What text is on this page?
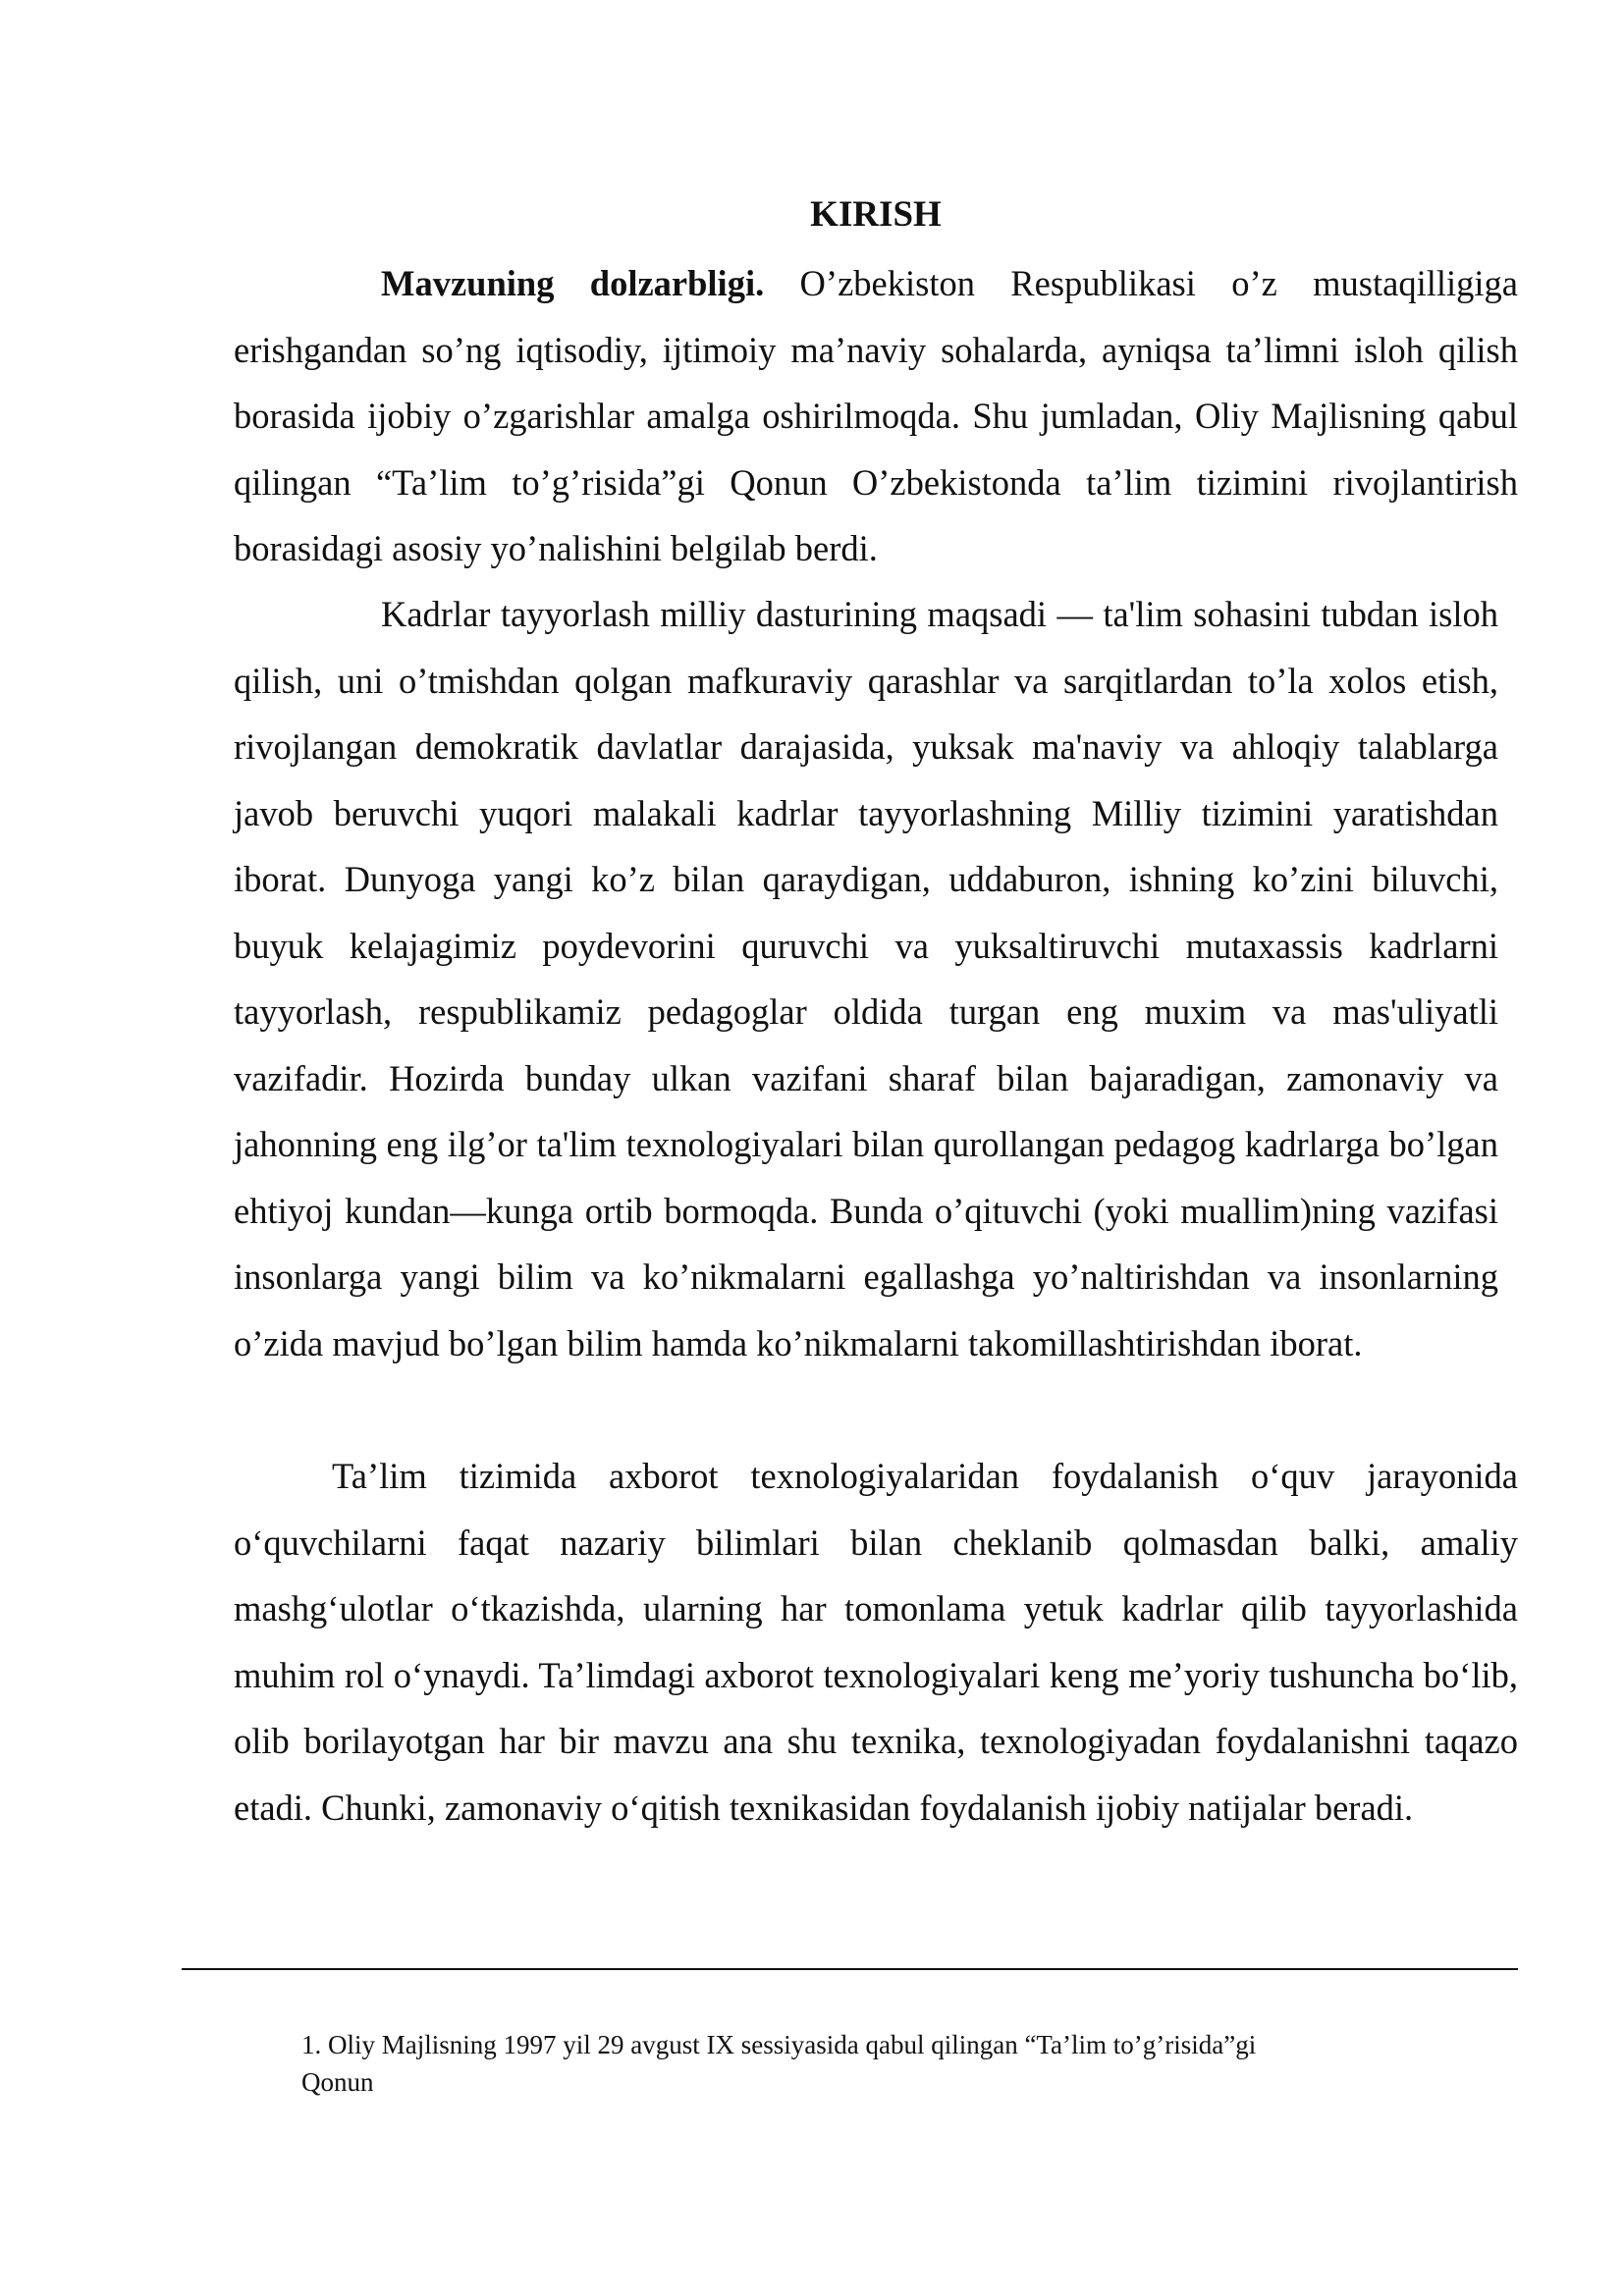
KIRISH

Mavzuning dolzarbligi. O’zbekiston Respublikasi o’z mustaqilligiga erishgandan so’ng iqtisodiy, ijtimoiy ma’naviy sohalarda, ayniqsa ta’limni isloh qilish borasida ijobiy o’zgarishlar amalga oshirilmoqda. Shu jumladan, Oliy Majlisning qabul qilingan “Ta’lim to’g’risida”gi Qonun O’zbekistonda ta’lim tizimini rivojlantirish borasidagi asosiy yo’nalishini belgilab berdi.

Kadrlar tayyorlash milliy dasturining maqsadi — ta'lim sohasini tubdan isloh qilish, uni o’tmishdan qolgan mafkuraviy qarashlar va sarqitlardan to’la xolos etish, rivojlangan demokratik davlatlar darajasida, yuksak ma'naviy va ahloqiy talablarga javob beruvchi yuqori malakali kadrlar tayyorlashning Milliy tizimini yaratishdan iborat. Dunyoga yangi ko’z bilan qaraydigan, uddaburon, ishning ko’zini biluvchi, buyuk kelajagimiz poydevorini quruvchi va yuksaltiruvchi mutaxassis kadrlarni tayyorlash, respublikamiz pedagoglar oldida turgan eng muxim va mas'uliyatli vazifadir. Hozirda bunday ulkan vazifani sharaf bilan bajaradigan, zamonaviy va jahonning eng ilg’or ta'lim texnologiyalari bilan qurollangan pedagog kadrlarga bo’lgan ehtiyoj kundan—kunga ortib bormoqda. Bunda o’qituvchi (yoki muallim)ning vazifasi insonlarga yangi bilim va ko’nikmalarni egallashga yo’naltirishdan va insonlarning o’zida mavjud bo’lgan bilim hamda ko’nikmalarni takomillashtirishdan iborat.

Ta’lim tizimida axborot texnologiyalaridan foydalanish o‘quv jarayonida o‘quvchilarni faqat nazariy bilimlari bilan cheklanib qolmasdan balki, amaliy mashg‘ulotlar o‘tkazishda, ularning har tomonlama yetuk kadrlar qilib tayyorlashida muhim rol o‘ynaydi. Ta’limdagi axborot texnologiyalari keng me’yoriy tushuncha bo‘lib, olib borilayotgan har bir mavzu ana shu texnika, texnologiyadan foydalanishni taqazo etadi. Chunki, zamonaviy o‘qitish texnikasidan foydalanish ijobiy natijalar beradi.

1. Oliy Majlisning 1997 yil 29 avgust IX sessiyasida qabul qilingan “Ta’lim to’g’risida”gi Qonun
